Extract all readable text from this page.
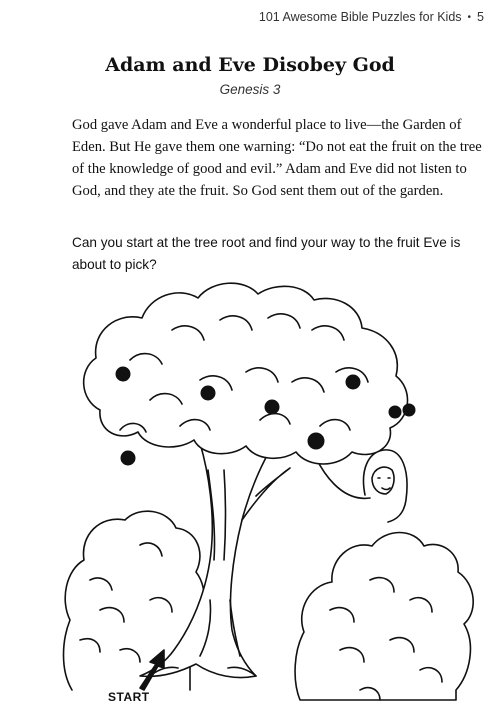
101 Awesome Bible Puzzles for Kids • 5
Adam and Eve Disobey God
Genesis 3

God gave Adam and Eve a wonderful place to live—the Garden of Eden. But He gave them one warning: “Do not eat the fruit on the tree of the knowledge of good and evil.” Adam and Eve did not listen to God, and they ate the fruit. So God sent them out of the garden.

Can you start at the tree root and find your way to the fruit Eve is about to pick?
START
